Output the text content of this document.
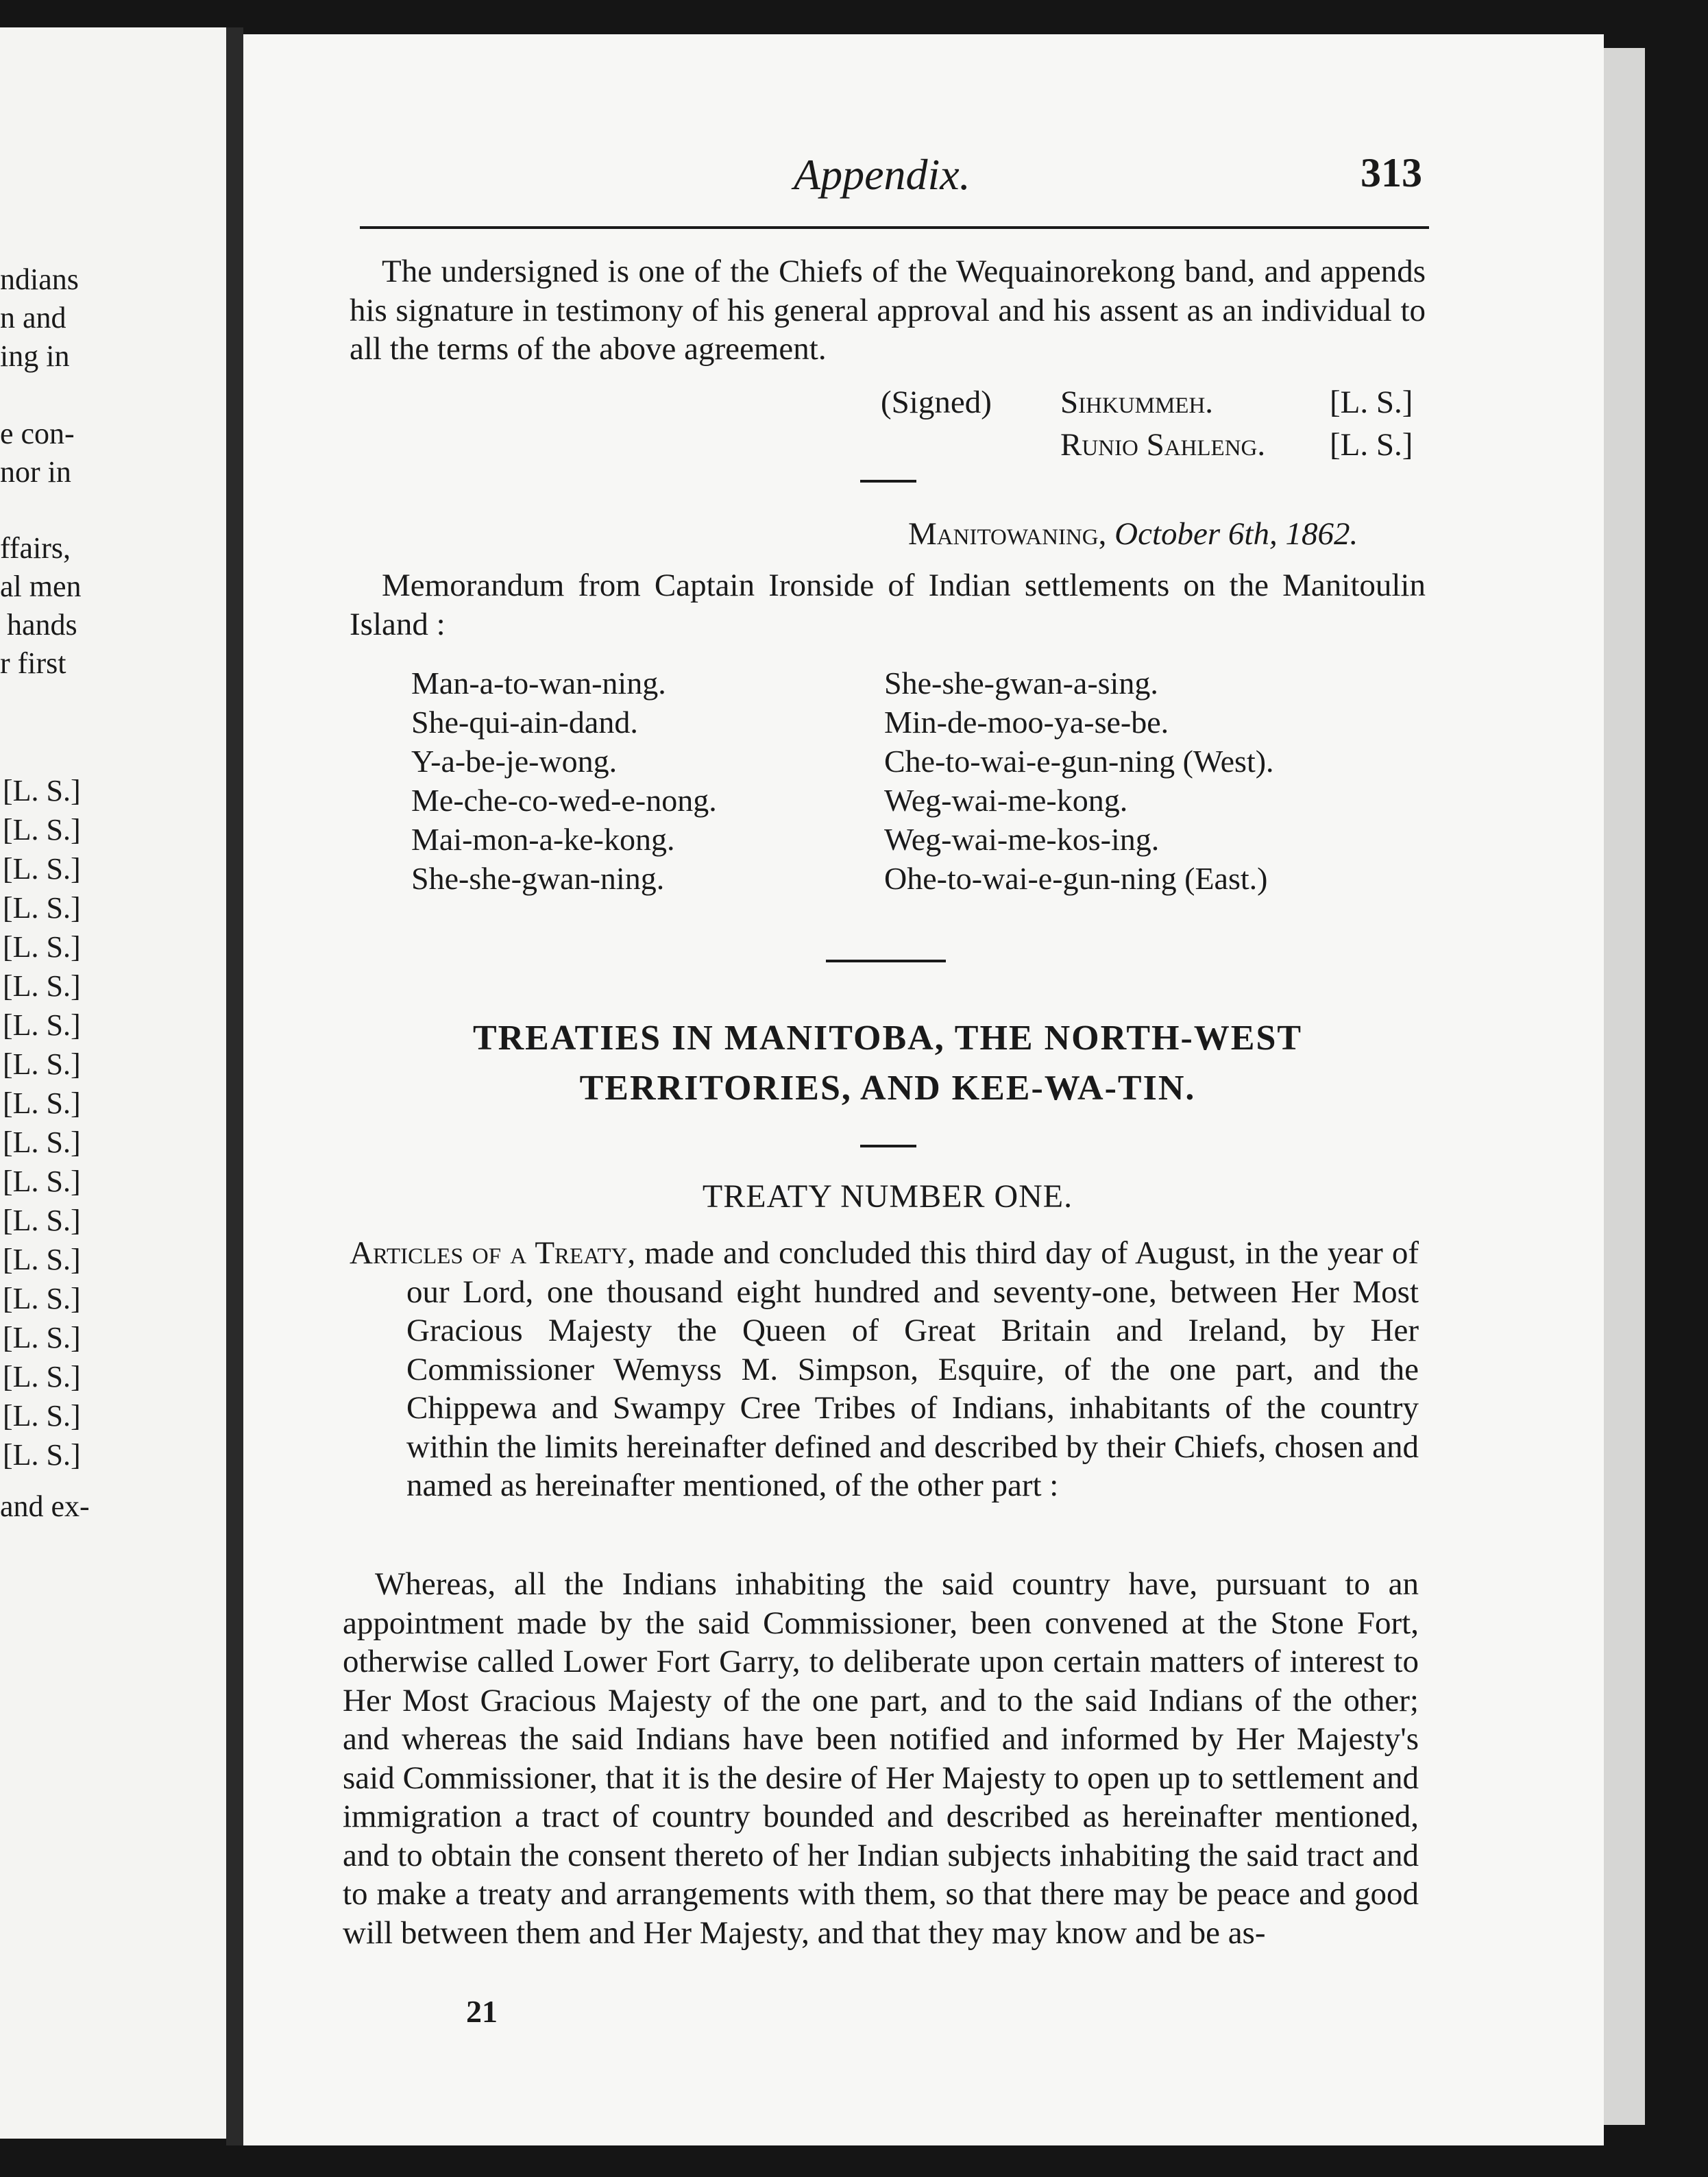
ndians
n and
ing in
e con-
nor in
ffairs,
al men
hands
r first
[L. S.]
[L. S.]
[L. S.]
[L. S.]
[L. S.]
[L. S.]
[L. S.]
[L. S.]
[L. S.]
[L. S.]
[L. S.]
[L. S.]
[L. S.]
[L. S.]
[L. S.]
[L. S.]
[L. S.]
[L. S.]
and ex-
Appendix.	313
The undersigned is one of the Chiefs of the Wequainorekong band, and appends his signature in testimony of his general approval and his assent as an individual to all the terms of the above agreement.
(Signed) Sihkummeh.	[L. S.]
Runio Sahleng. [L. S.]
Manitowaning, October 6th, 1862.
Memorandum from Captain Ironside of Indian settlements on the Manitoulin Island :
Man-a-to-wan-ning.
She-qui-ain-dand.
Y-a-be-je-wong.
Me-che-co-wed-e-nong.
Mai-mon-a-ke-kong.
She-she-gwan-ning.
She-she-gwan-a-sing.
Min-de-moo-ya-se-be.
Che-to-wai-e-gun-ning (West).
Weg-wai-me-kong.
Weg-wai-me-kos-ing.
Ohe-to-wai-e-gun-ning (East.)
TREATIES IN MANITOBA, THE NORTH-WEST
TERRITORIES, AND KEE-WA-TIN.
TREATY NUMBER ONE.
Articles of a Treaty, made and concluded this third day of August, in the year of our Lord, one thousand eight hundred and seventy-one, between Her Most Gracious Majesty the Queen of Great Britain and Ireland, by Her Commissioner Wemyss M. Simpson, Esquire, of the one part, and the Chippewa and Swampy Cree Tribes of Indians, inhabitants of the country within the limits hereinafter defined and described by their Chiefs, chosen and named as hereinafter mentioned, of the other part :
Whereas, all the Indians inhabiting the said country have, pursuant to an appointment made by the said Commissioner, been convened at the Stone Fort, otherwise called Lower Fort Garry, to deliberate upon certain matters of interest to Her Most Gracious Majesty of the one part, and to the said Indians of the other; and whereas the said Indians have been notified and informed by Her Majesty's said Commissioner, that it is the desire of Her Majesty to open up to settlement and immigration a tract of country bounded and described as hereinafter mentioned, and to obtain the consent thereto of her Indian subjects inhabiting the said tract and to make a treaty and arrangements with them, so that there may be peace and good will between them and Her Majesty, and that they may know and be as-
21
